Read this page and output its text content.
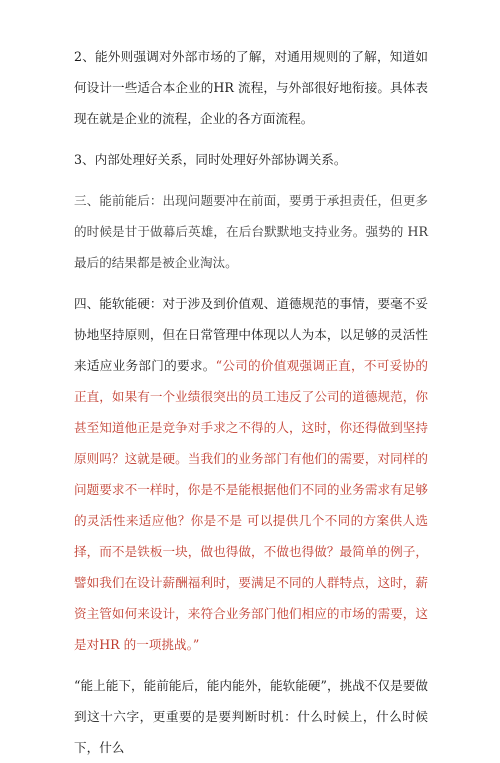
2、能外则强调对外部市场的了解，对通用规则的了解，知道如何设计一些适合本企业的HR 流程，与外部很好地衔接。具体表现在就是企业的流程，企业的各方面流程。

3、内部处理好关系，同时处理好外部协调关系。

三、能前能后：出现问题要冲在前面，要勇于承担责任，但更多的时候是甘于做幕后英雄，在后台默默地支持业务。强势的 HR 最后的结果都是被企业淘汰。

四、能软能硬：对于涉及到价值观、道德规范的事情，要毫不妥协地坚持原则，但在日常管理中体现以人为本，以足够的灵活性来适应业务部门的要求。“公司的价值观强调正直，不可妥协的正直，如果有一个业绩很突出的员工违反了公司的道德规范，你甚至知道他正是竞争对手求之不得的人，这时，你还得做到坚持原则吗？这就是硬。当我们的业务部门有他们的需要，对同样的问题要求不一样时，你是不是能根据他们不同的业务需求有足够的灵活性来适应他？你是不是 可以提供几个不同的方案供人选择，而不是铁板一块，做也得做，不做也得做？最简单的例子，譬如我们在设计薪酬福利时，要满足不同的人群特点，这时，薪资主管如何来设计，来符合业务部门他们相应的市场的需要，这是对HR 的一项挑战。”

“能上能下，能前能后，能内能外，能软能硬”，挑战不仅是要做到这十六字，更重要的是要判断时机：什么时候上，什么时候下，什么
